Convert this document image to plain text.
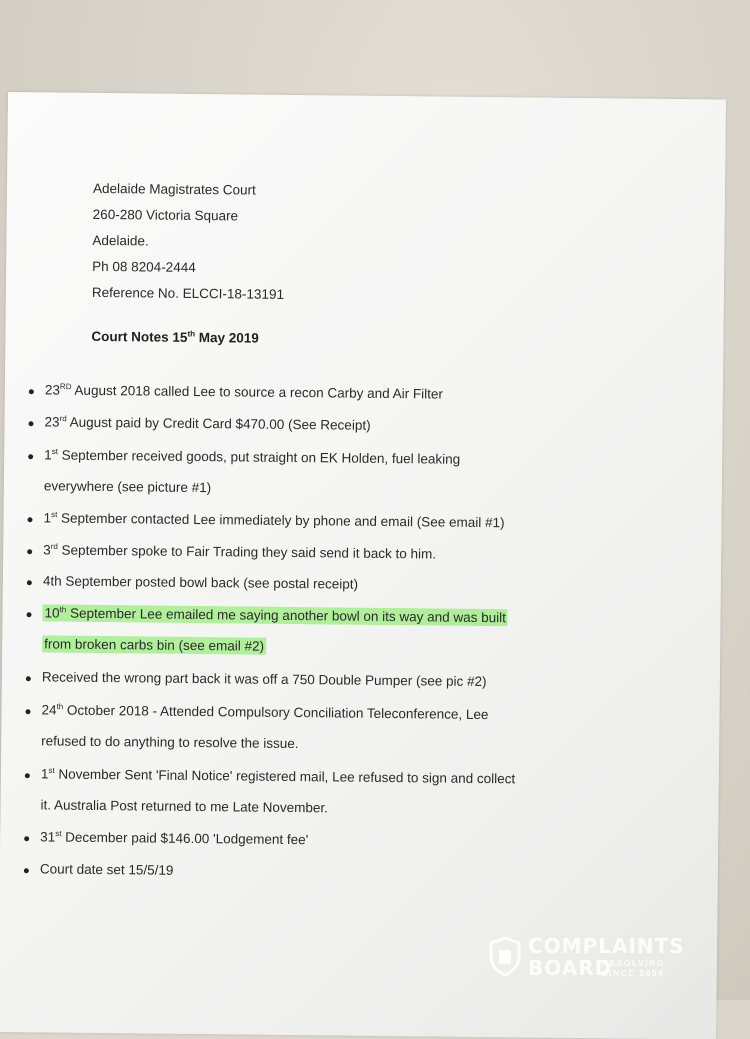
Adelaide Magistrates Court
260-280 Victoria Square
Adelaide.
Ph 08 8204-2444
Reference No. ELCCI-18-13191
Court Notes 15th May 2019
23RD August 2018 called Lee to source a recon Carby and Air Filter
23rd August paid by Credit Card $470.00 (See Receipt)
1st September received goods, put straight on EK Holden, fuel leaking
everywhere (see picture #1)
1st September contacted Lee immediately by phone and email (See email #1)
3rd September spoke to Fair Trading they said send it back to him.
4th September posted bowl back (see postal receipt)
10th September Lee emailed me saying another bowl on its way and was built
from broken carbs bin (see email #2)
Received the wrong part back it was off a 750 Double Pumper (see pic #2)
24th October 2018 - Attended Compulsory Conciliation Teleconference, Lee
refused to do anything to resolve the issue.
1st November Sent 'Final Notice' registered mail, Lee refused to sign and collect
it. Australia Post returned to me Late November.
31st December paid $146.00 'Lodgement fee'
Court date set 15/5/19
COMPLAINTS
BOARD
RESOLVING
SINCE 2004
